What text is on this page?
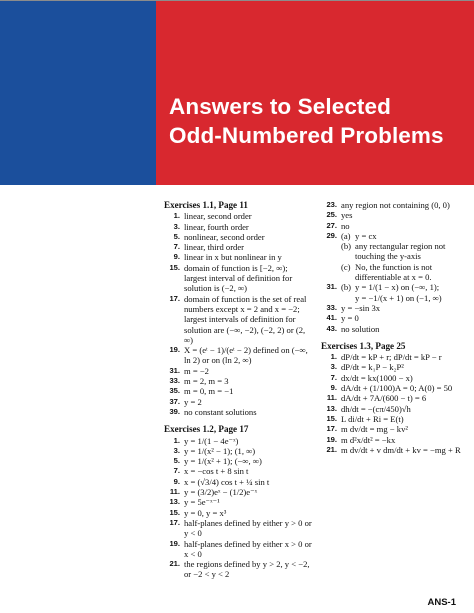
Answers to Selected
Odd-Numbered Problems
Exercises 1.1, Page 11
1. linear, second order
3. linear, fourth order
5. nonlinear, second order
7. linear, third order
9. linear in x but nonlinear in y
15. domain of function is [−2, ∞); largest interval of definition for solution is (−2, ∞)
17. domain of function is the set of real numbers except x = 2 and x = −2; largest intervals of definition for solution are (−∞, −2), (−2, 2) or (2, ∞)
19. X = (eᵗ − 1)/(eᵗ − 2) defined on (−∞, ln 2) or on (ln 2, ∞)
31. m = −2
33. m = 2, m = 3
35. m = 0, m = −1
37. y = 2
39. no constant solutions
Exercises 1.2, Page 17
1. y = 1/(1 − 4e⁻ˣ)
3. y = 1/(x² − 1); (1, ∞)
5. y = 1/(x² + 1); (−∞, ∞)
7. x = −cos t + 8 sin t
9. x = (√3/4) cos t + ¼ sin t
11. y = (3/2)eˣ − (1/2)e⁻ˣ
13. y = 5e⁻ˣ⁻¹
15. y = 0, y = x³
17. half-planes defined by either y > 0 or y < 0
19. half-planes defined by either x > 0 or x < 0
21. the regions defined by y > 2, y < −2, or −2 < y < 2
23. any region not containing (0, 0)
25. yes
27. no
29. (a) y = cx
(b) any rectangular region not touching the y-axis
(c) No, the function is not differentiable at x = 0.
31. (b) y = 1/(1 − x) on (−∞, 1);
y = −1/(x + 1) on (−1, ∞)
33. y = −sin 3x
41. y = 0
43. no solution
Exercises 1.3, Page 25
1. dP/dt = kP + r; dP/dt = kP − r
3. dP/dt = k₁P − k₂P²
7. dx/dt = kx(1000 − x)
9. dA/dt + (1/100)A = 0; A(0) = 50
11. dA/dt + 7A/(600 − t) = 6
13. dh/dt = −(cπ/450)√h
15. L di/dt + Ri = E(t)
17. m dv/dt = mg − kv²
19. m d²x/dt² = −kx
21. m dv/dt + v dm/dt + kv = −mg + R
ANS-1
